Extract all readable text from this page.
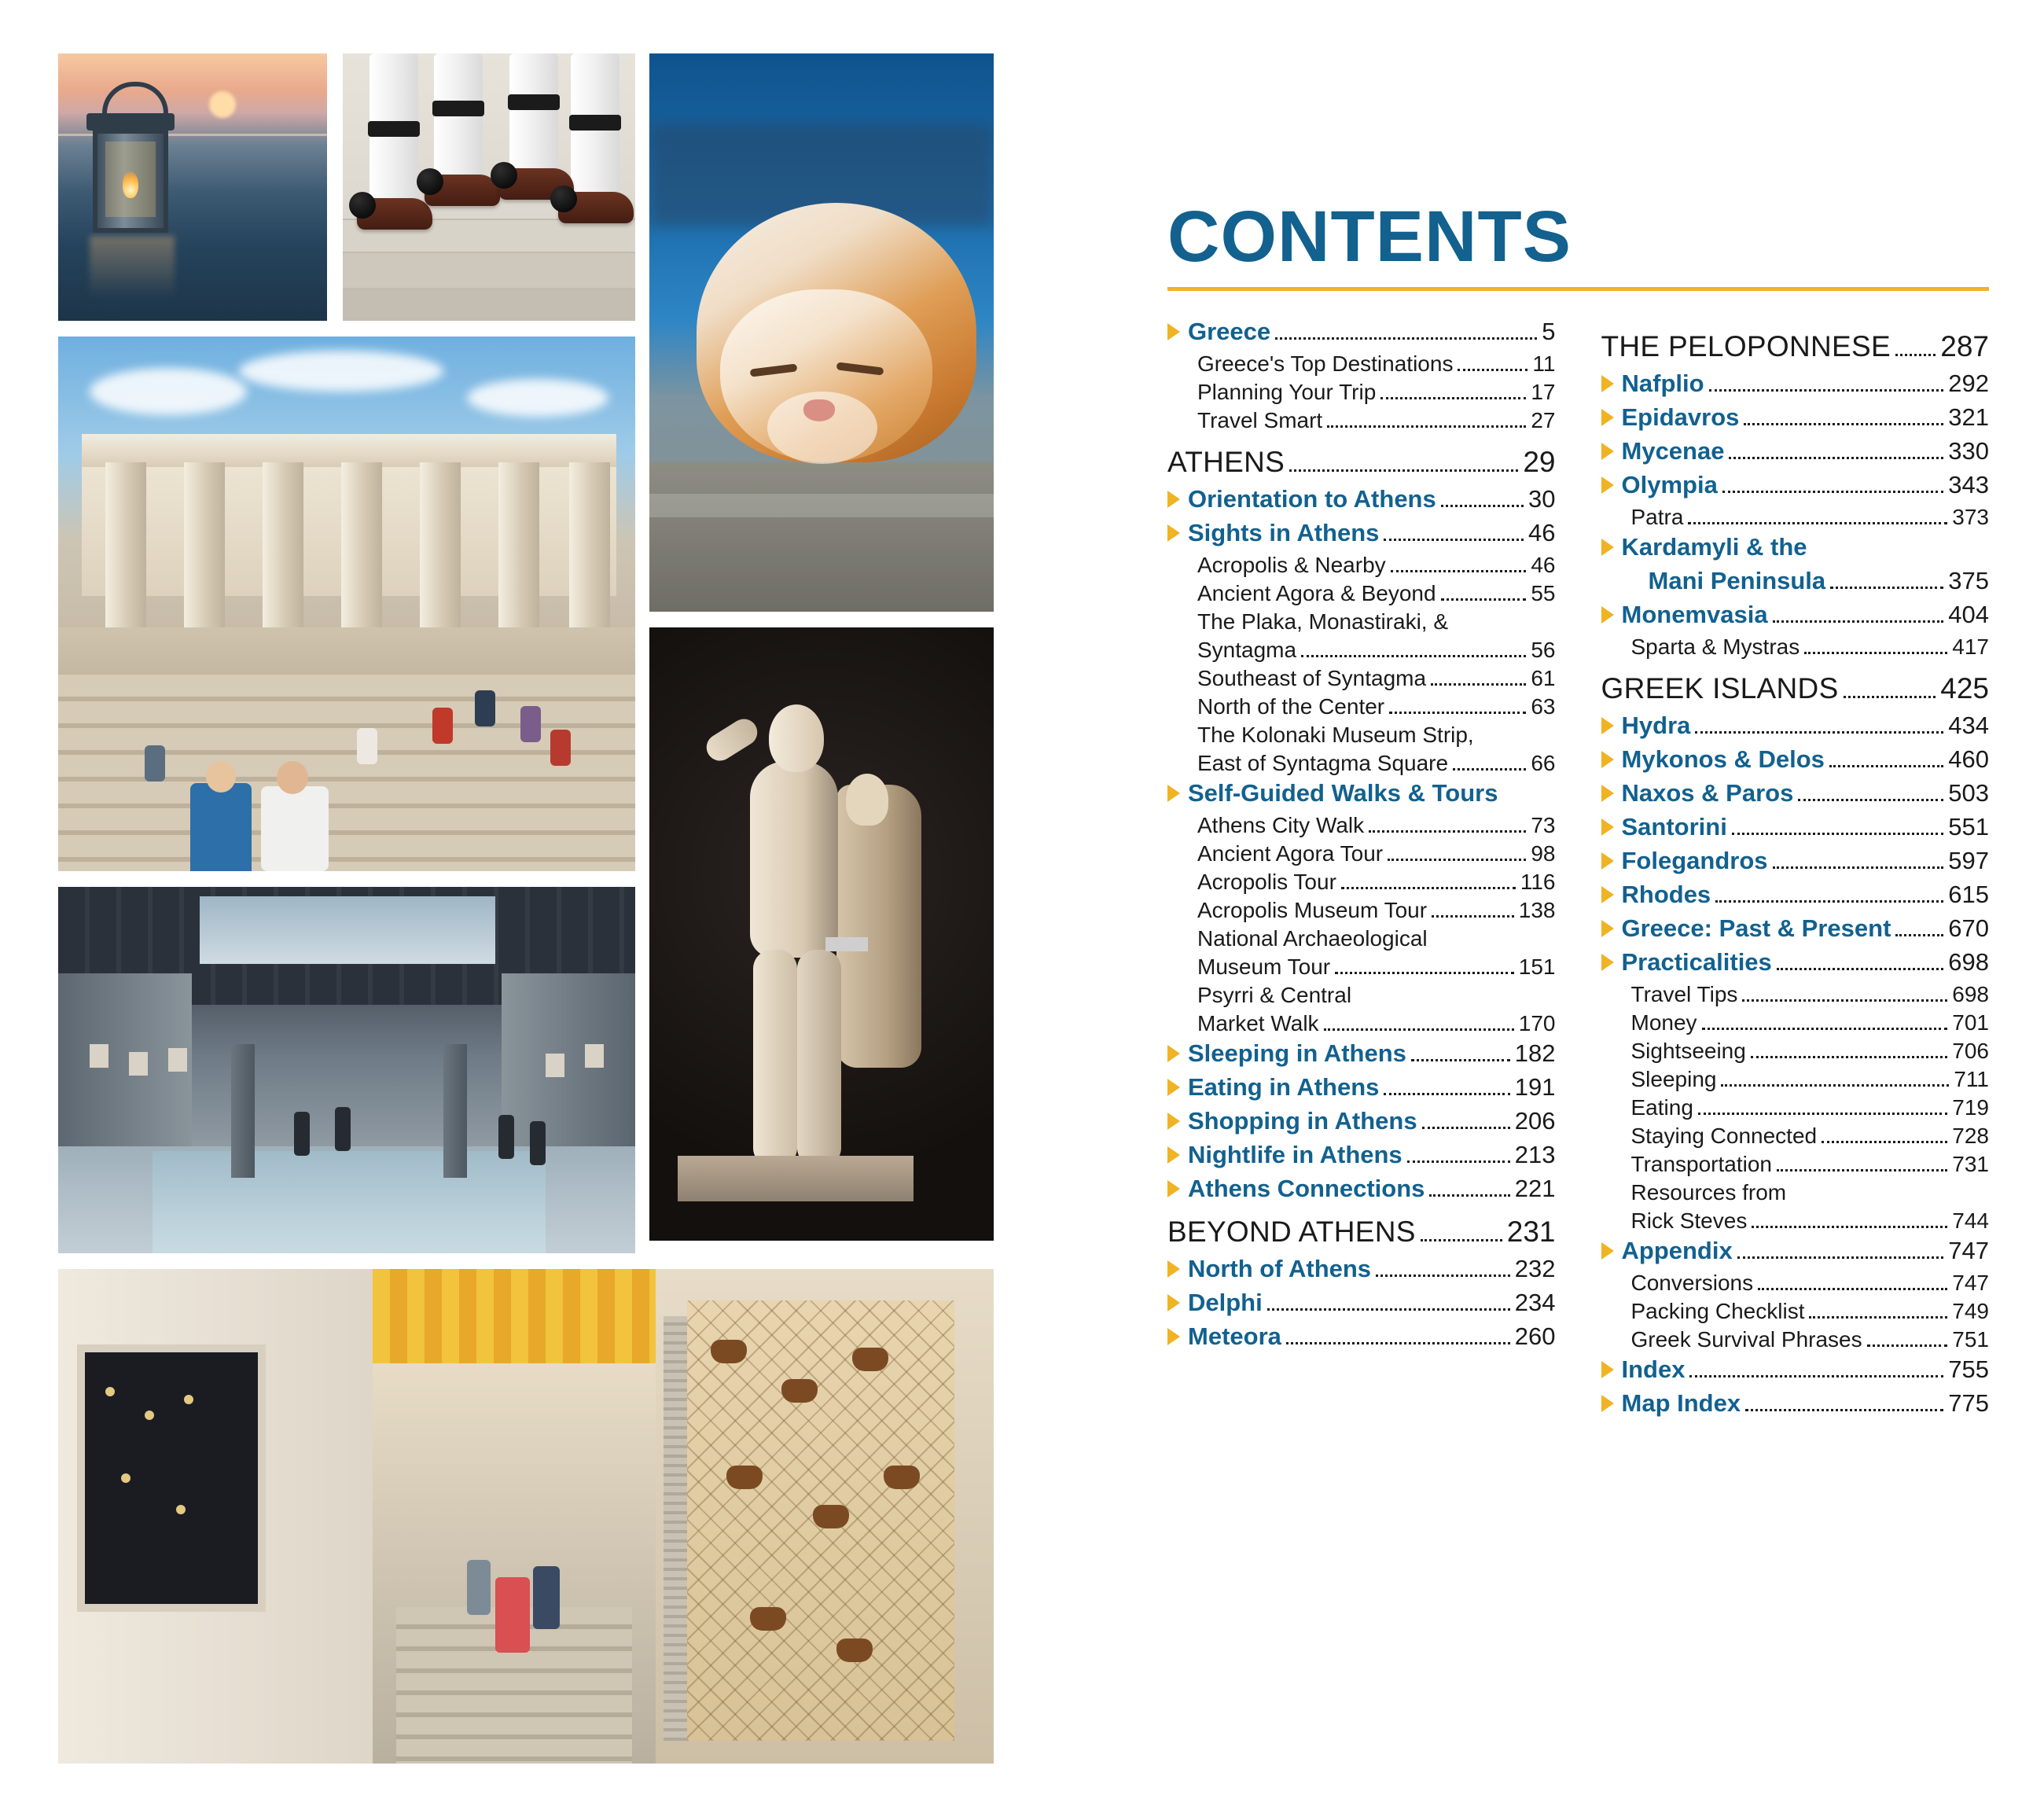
CONTENTS
Greece	5
Greece's Top Destinations	11
Planning Your Trip	17
Travel Smart	27
ATHENS	29
Orientation to Athens	30
Sights in Athens	46
Acropolis & Nearby	46
Ancient Agora & Beyond	55
The Plaka, Monastiraki, &
Syntagma	56
Southeast of Syntagma	61
North of the Center	63
The Kolonaki Museum Strip,
East of Syntagma Square	66
Self-Guided Walks & Tours
Athens City Walk	73
Ancient Agora Tour	98
Acropolis Tour	116
Acropolis Museum Tour	138
National Archaeological
Museum Tour	151
Psyrri & Central
Market Walk	170
Sleeping in Athens	182
Eating in Athens	191
Shopping in Athens	206
Nightlife in Athens	213
Athens Connections	221
BEYOND ATHENS	231
North of Athens	232
Delphi	234
Meteora	260
THE PELOPONNESE 287
Nafplio	292
Epidavros	321
Mycenae	330
Olympia	343
Patra	373
Kardamyli & the
Mani Peninsula	375
Monemvasia	404
Sparta & Mystras	417
GREEK ISLANDS	425
Hydra	434
Mykonos & Delos	460
Naxos & Paros	503
Santorini	551
Folegandros	597
Rhodes	615
Greece: Past & Present 670
Practicalities	698
Travel Tips	698
Money	701
Sightseeing	706
Sleeping	711
Eating	719
Staying Connected	728
Transportation	731
Resources from
Rick Steves	744
Appendix	747
Conversions	747
Packing Checklist	749
Greek Survival Phrases	751
Index	755
Map Index	775
